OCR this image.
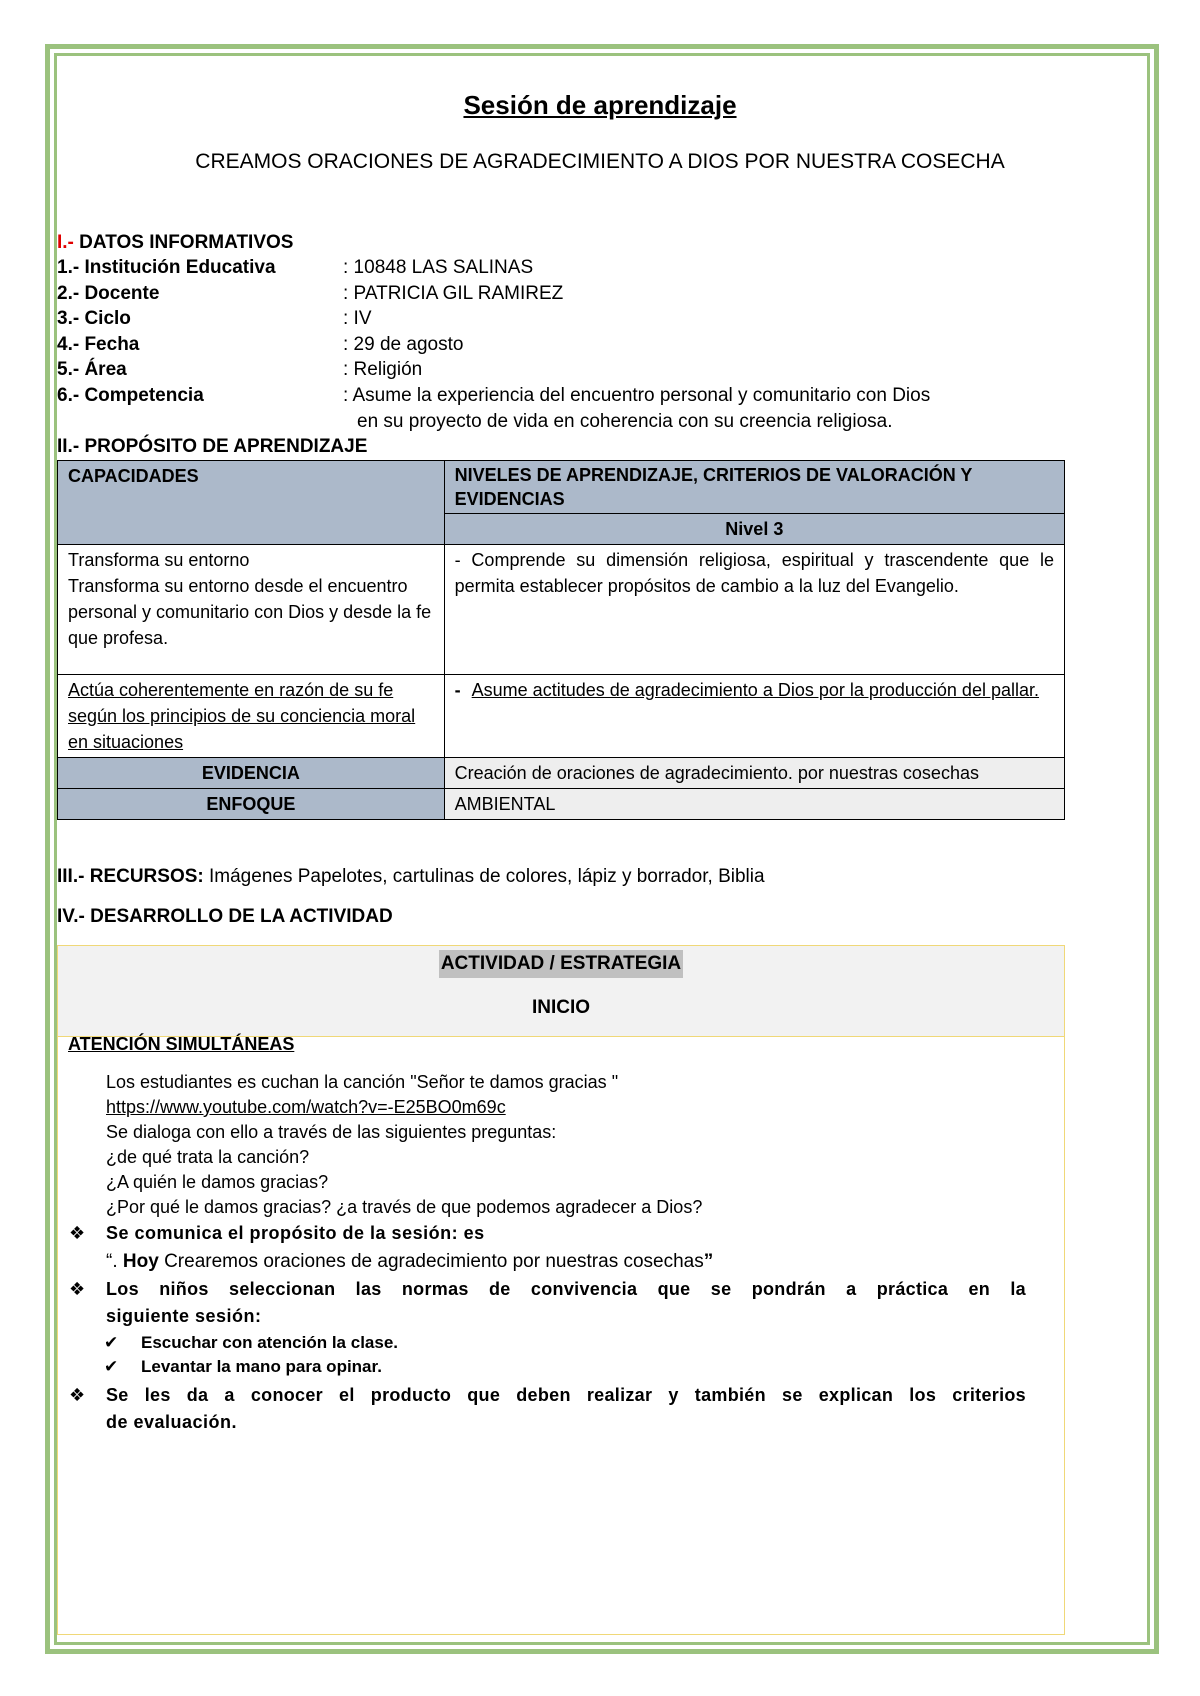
Sesión de aprendizaje
CREAMOS ORACIONES DE AGRADECIMIENTO A DIOS POR NUESTRA COSECHA
I.- DATOS INFORMATIVOS
1.- Institución Educativa	: 10848 LAS SALINAS
2.- Docente	: PATRICIA GIL RAMIREZ
3.- Ciclo	: IV
4.- Fecha	: 29 de agosto
5.- Área	: Religión
6.- Competencia	: Asume la experiencia del encuentro personal y comunitario con Dios
en su proyecto de vida en coherencia con su creencia religiosa.
II.- PROPÓSITO DE APRENDIZAJE
CAPACIDADES	NIVELES DE APRENDIZAJE, CRITERIOS DE VALORACIÓN Y EVIDENCIAS
	Nivel 3

Transforma su entorno
Transforma su entorno desde el encuentro personal y comunitario con Dios y desde la fe que profesa.	- Comprende su dimensión religiosa, espiritual y trascendente que le permita establecer propósitos de cambio a la luz del Evangelio.
Actúa coherentemente en razón de su fe según los principios de su conciencia moral en situaciones	- Asume actitudes de agradecimiento a Dios por la producción del pallar.

EVIDENCIA	Creación de oraciones de agradecimiento. por nuestras cosechas
ENFOQUE	AMBIENTAL
III.- RECURSOS: Imágenes Papelotes, cartulinas de colores, lápiz y borrador, Biblia
IV.- DESARROLLO DE LA ACTIVIDAD
ACTIVIDAD / ESTRATEGIA
INICIO
ATENCIÓN SIMULTÁNEAS
Los estudiantes es cuchan la canción "Señor te damos gracias "
https://www.youtube.com/watch?v=-E25BO0m69c
Se dialoga con ello a través de las siguientes preguntas:
¿de qué trata la canción?
¿A quién le damos gracias?
¿Por qué le damos gracias? ¿a través de que podemos agradecer a Dios?
❖ Se comunica el propósito de la sesión: es
“. Hoy Crearemos oraciones de agradecimiento por nuestras cosechas”
❖ Los niños seleccionan las normas de convivencia que se pondrán a práctica en la
siguiente sesión:
✔ Escuchar con atención la clase.
✔ Levantar la mano para opinar.
❖ Se les da a conocer el producto que deben realizar y también se explican los criterios
de evaluación.
